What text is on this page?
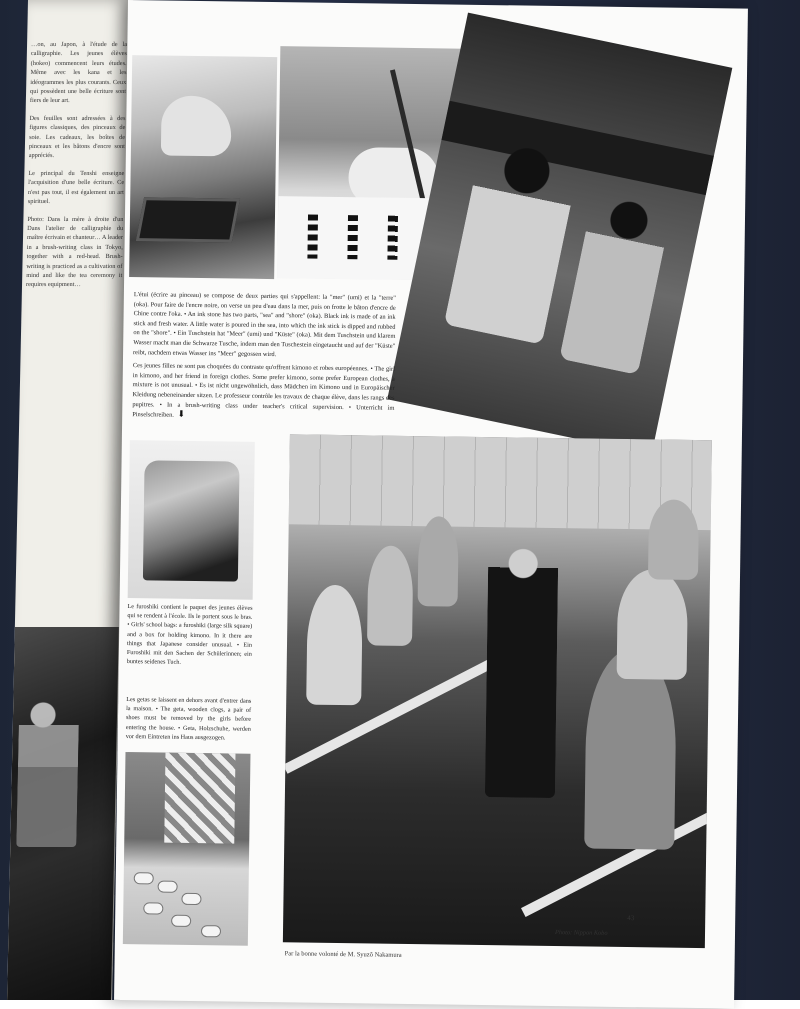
…on, au Japon, à l'étude de la calligraphie. Les jeunes élèves (hokeo) commencent leurs études. Même avec les kana et les idéogrammes les plus courants. Ceux qui possèdent une belle écriture sont fiers de leur art.

Des feuilles sont adressées à des figures classiques, des pinceaux de soie. Les cadeaux, les boîtes de pinceaux et les bâtons d'encre sont appréciés.

Le principal du Tenshi enseigne l'acquisition d'une belle écriture. Ce n'est pas tout, il est également un art spirituel.

Photo: Dans la mère à droite d'un Dans l'atelier de calligraphie du maître écrivain et chanteur… A leader in a brush-writing class in Tokyo, together with a red-head. Brush-writing is practiced as a cultivation of mind and like the tea ceremony it requires equipment…

L'étui (écrire au pinceau) se compose de deux parties qui s'appellent: la "mer" (umi) et la "terre" (oka). Pour faire de l'encre noire, on verse un peu d'eau dans la mer, puis on frotte le bâton d'encre de Chine contre l'oka. • An ink stone has two parts, "sea" and "shore" (oka). Black ink is made of an ink stick and fresh water. A little water is poured in the sea, into which the ink stick is dipped and rubbed on the "shore". • Ein Tuschstein hat "Meer" (umi) und "Küste" (oka). Mit dem Tuschstein und klarem Wasser macht man die Schwarze Tusche, indem man den Tuschestein eingetaucht und auf der "Küste" reibt, nachdem etwas Wasser ins "Meer" gegossen wird.

Ces jeunes filles ne sont pas choquées du contraste qu'offrent kimono et robes européennes. • The girl in kimono, and her friend in foreign clothes. Some prefer kimono, some prefer European clothes, a mixture is not unusual. • Es ist nicht ungewöhnlich, dass Mädchen im Kimono und in Europäischer Kleidung nebeneinander sitzen. Le professeur contrôle les travaux de chaque élève, dans les rangs des pupitres. • In a brush-writing class under teacher's critical supervision. • Unterricht im Pinselschreiben. ⬇

Le furoshiki contient le paquet des jeunes élèves qui se rendent à l'école. Ils le portent sous le bras. • Girls' school bags: a furoshiki (large silk square) and a box for holding kimono. In it there are things that Japanese consider unusual. • Ein Furoshiki mit den Sachen der Schülerinnen; ein buntes seidenes Tuch.
Les getas se laissent en dehors avant d'entrer dans la maison. • The geta, wooden clogs, a pair of shoes must be removed by the girls before entering the house. • Geta, Holzschuhe, werden vor dem Eintreten ins Haus ausgezogen.
Photo: Nippon Kobo
43
Par la bonne volonté de M. Syuzô Nakamura
